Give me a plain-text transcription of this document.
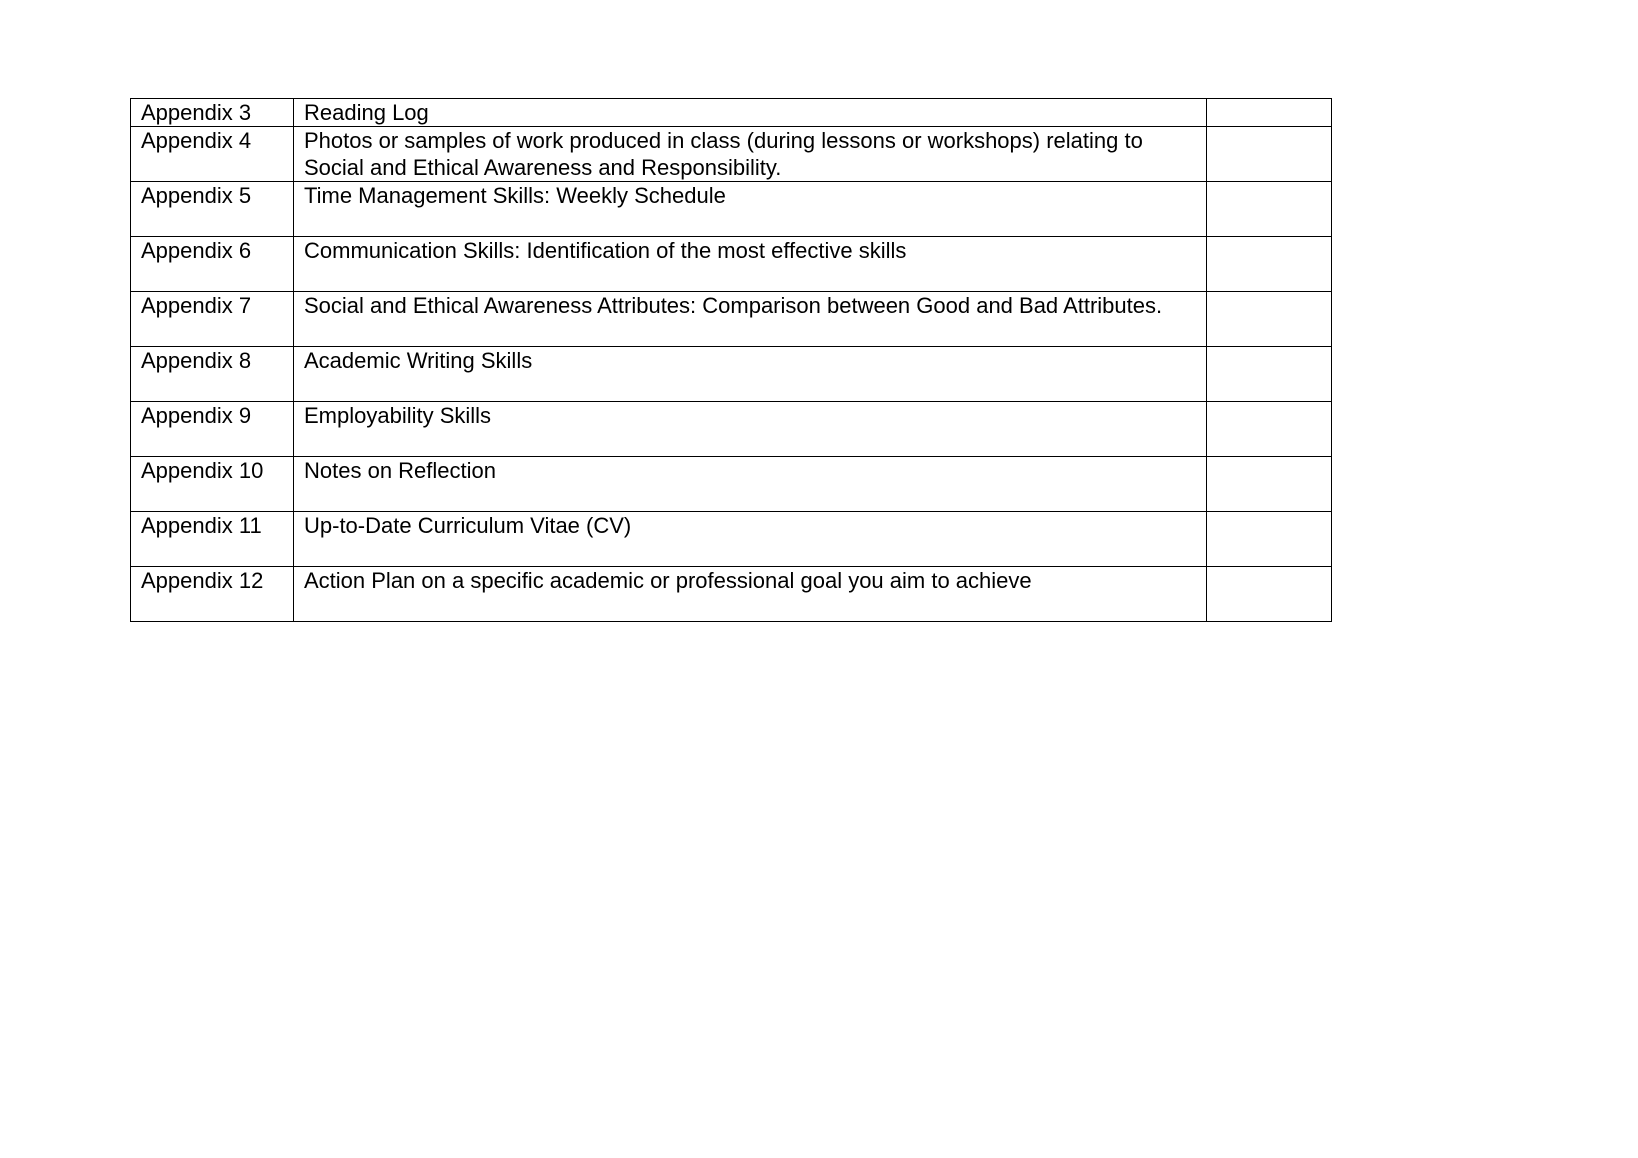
Appendix 3	Reading Log	
Appendix 4	Photos or samples of work produced in class (during lessons or workshops) relating to Social and Ethical Awareness and Responsibility.	
Appendix 5	Time Management Skills: Weekly Schedule	
Appendix 6	Communication Skills: Identification of the most effective skills	
Appendix 7	Social and Ethical Awareness Attributes: Comparison between Good and Bad Attributes.	
Appendix 8	Academic Writing Skills	
Appendix 9	Employability Skills	
Appendix 10	Notes on Reflection	
Appendix 11	Up-to-Date Curriculum Vitae (CV)	
Appendix 12	Action Plan on a specific academic or professional goal you aim to achieve	
